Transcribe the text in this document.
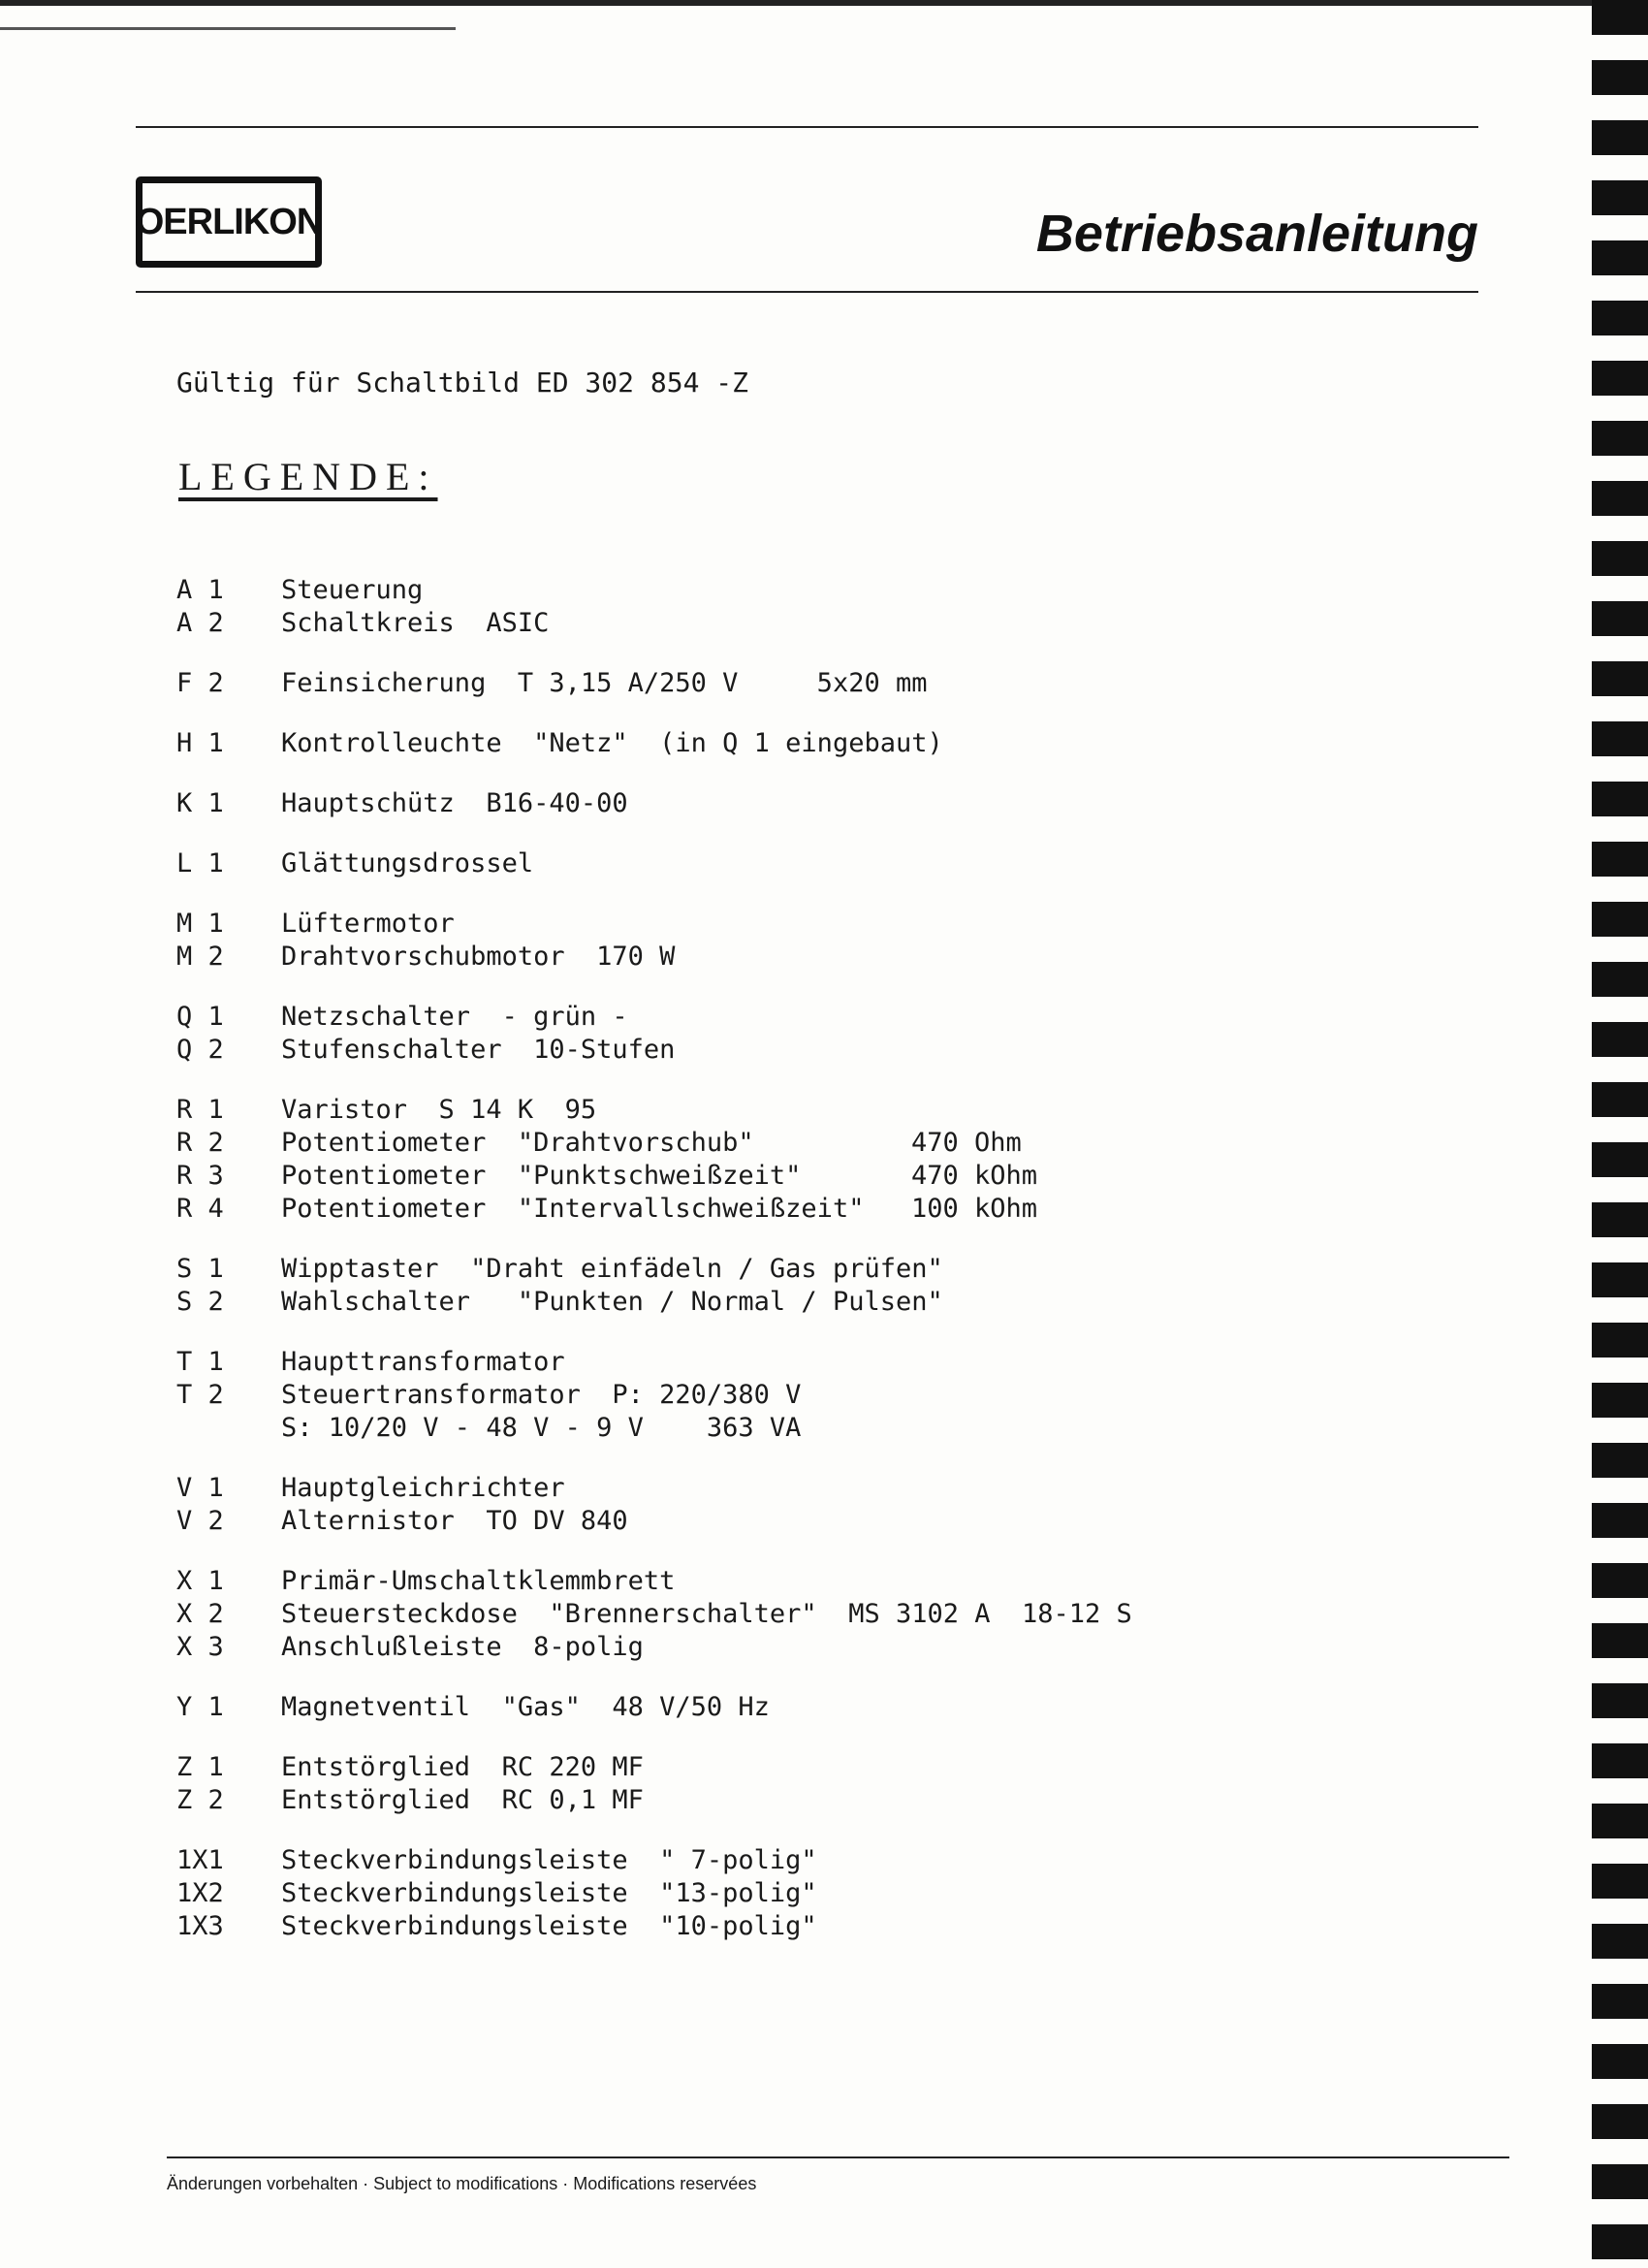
OERLIKON	Betriebsanleitung
Gültig für Schaltbild ED 302 854 -Z
LEGENDE:
A 1	Steuerung
A 2	Schaltkreis  ASIC
F 2	Feinsicherung  T 3,15 A/250 V     5x20 mm
H 1	Kontrolleuchte  "Netz"  (in Q 1 eingebaut)
K 1	Hauptschütz  B16-40-00
L 1	Glättungsdrossel
M 1	Lüftermotor
M 2	Drahtvorschubmotor  170 W
Q 1	Netzschalter  - grün -
Q 2	Stufenschalter  10-Stufen
R 1	Varistor  S 14 K  95
R 2	Potentiometer  "Drahtvorschub"	470 Ohm
R 3	Potentiometer  "Punktschweißzeit"	470 kOhm
R 4	Potentiometer  "Intervallschweißzeit"	100 kOhm
S 1	Wipptaster  "Draht einfädeln / Gas prüfen"
S 2	Wahlschalter   "Punkten / Normal / Pulsen"
T 1	Haupttransformator
T 2	Steuertransformator  P: 220/380 V
S: 10/20 V - 48 V - 9 V    363 VA
V 1	Hauptgleichrichter
V 2	Alternistor  TO DV 840
X 1	Primär-Umschaltklemmbrett
X 2	Steuersteckdose  "Brennerschalter"  MS 3102 A  18-12 S
X 3	Anschlußleiste  8-polig
Y 1	Magnetventil  "Gas"  48 V/50 Hz
Z 1	Entstörglied  RC 220 MF
Z 2	Entstörglied  RC 0,1 MF
1X1	Steckverbindungsleiste  " 7-polig"
1X2	Steckverbindungsleiste  "13-polig"
1X3	Steckverbindungsleiste  "10-polig"
Änderungen vorbehalten · Subject to modifications · Modifications reservées
